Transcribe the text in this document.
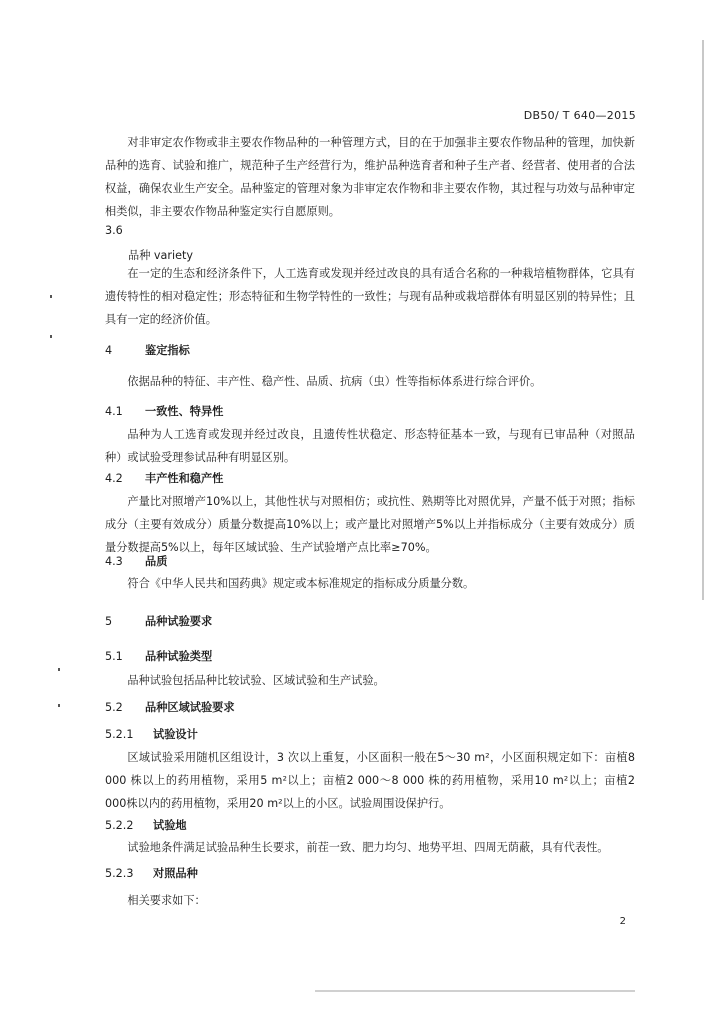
DB50/ T 640—2015
对非审定农作物或非主要农作物品种的一种管理方式，目的在于加强非主要农作物品种的管理，加快新品种的选育、试验和推广，规范种子生产经营行为，维护品种选育者和种子生产者、经营者、使用者的合法权益，确保农业生产安全。品种鉴定的管理对象为非审定农作物和非主要农作物，其过程与功效与品种审定相类似，非主要农作物品种鉴定实行自愿原则。
3.6
品种 variety
在一定的生态和经济条件下，人工选育或发现并经过改良的具有适合名称的一种栽培植物群体，它具有遗传特性的相对稳定性；形态特征和生物学特性的一致性；与现有品种或栽培群体有明显区别的特异性；且具有一定的经济价值。
4	鉴定指标
依据品种的特征、丰产性、稳产性、品质、抗病（虫）性等指标体系进行综合评价。
4.1 一致性、特异性
品种为人工选育或发现并经过改良，且遗传性状稳定、形态特征基本一致，与现有已审品种（对照品种）或试验受理参试品种有明显区别。
4.2 丰产性和稳产性
产量比对照增产10%以上，其他性状与对照相仿；或抗性、熟期等比对照优异，产量不低于对照；指标成分（主要有效成分）质量分数提高10%以上；或产量比对照增产5%以上并指标成分（主要有效成分）质量分数提高5%以上，每年区域试验、生产试验增产点比率≥70%。
4.3 品质
符合《中华人民共和国药典》规定或本标准规定的指标成分质量分数。
5	品种试验要求
5.1 品种试验类型
品种试验包括品种比较试验、区域试验和生产试验。
5.2 品种区域试验要求
5.2.1 试验设计
区域试验采用随机区组设计，3 次以上重复，小区面积一般在5～30 m²，小区面积规定如下：亩植8 000 株以上的药用植物，采用5 m²以上；亩植2 000～8 000 株的药用植物，采用10 m²以上；亩植2 000株以内的药用植物，采用20 m²以上的小区。试验周围设保护行。
5.2.2 试验地
试验地条件满足试验品种生长要求，前茬一致、肥力均匀、地势平坦、四周无荫蔽，具有代表性。
5.2.3 对照品种
相关要求如下：
2
